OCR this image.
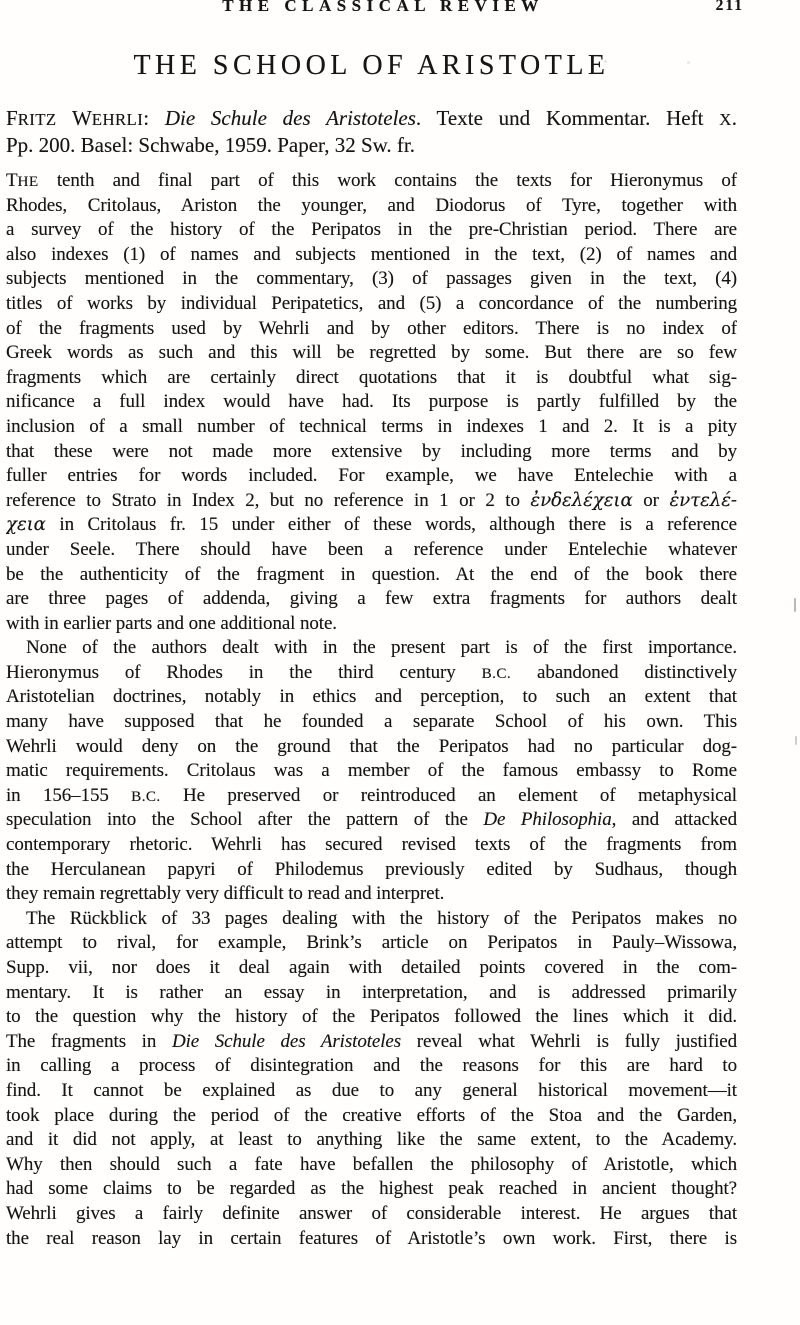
THE CLASSICAL REVIEW	211
THE SCHOOL OF ARISTOTLE
FRITZ WEHRLI: Die Schule des Aristoteles. Texte und Kommentar. Heft X.
Pp. 200. Basel: Schwabe, 1959. Paper, 32 Sw. fr.
THE tenth and final part of this work contains the texts for Hieronymus of
Rhodes, Critolaus, Ariston the younger, and Diodorus of Tyre, together with
a survey of the history of the Peripatos in the pre-Christian period. There are
also indexes (1) of names and subjects mentioned in the text, (2) of names and
subjects mentioned in the commentary, (3) of passages given in the text, (4)
titles of works by individual Peripatetics, and (5) a concordance of the numbering
of the fragments used by Wehrli and by other editors. There is no index of
Greek words as such and this will be regretted by some. But there are so few
fragments which are certainly direct quotations that it is doubtful what sig-
nificance a full index would have had. Its purpose is partly fulfilled by the
inclusion of a small number of technical terms in indexes 1 and 2. It is a pity
that these were not made more extensive by including more terms and by
fuller entries for words included. For example, we have Entelechie with a
reference to Strato in Index 2, but no reference in 1 or 2 to ἐνδελέχεια or ἐντελέ-
χεια in Critolaus fr. 15 under either of these words, although there is a reference
under Seele. There should have been a reference under Entelechie whatever
be the authenticity of the fragment in question. At the end of the book there
are three pages of addenda, giving a few extra fragments for authors dealt
with in earlier parts and one additional note.
None of the authors dealt with in the present part is of the first importance.
Hieronymus of Rhodes in the third century B.C. abandoned distinctively
Aristotelian doctrines, notably in ethics and perception, to such an extent that
many have supposed that he founded a separate School of his own. This
Wehrli would deny on the ground that the Peripatos had no particular dog-
matic requirements. Critolaus was a member of the famous embassy to Rome
in 156–155 B.C. He preserved or reintroduced an element of metaphysical
speculation into the School after the pattern of the De Philosophia, and attacked
contemporary rhetoric. Wehrli has secured revised texts of the fragments from
the Herculanean papyri of Philodemus previously edited by Sudhaus, though
they remain regrettably very difficult to read and interpret.
The Rückblick of 33 pages dealing with the history of the Peripatos makes no
attempt to rival, for example, Brink’s article on Peripatos in Pauly–Wissowa,
Supp. vii, nor does it deal again with detailed points covered in the com-
mentary. It is rather an essay in interpretation, and is addressed primarily
to the question why the history of the Peripatos followed the lines which it did.
The fragments in Die Schule des Aristoteles reveal what Wehrli is fully justified
in calling a process of disintegration and the reasons for this are hard to
find. It cannot be explained as due to any general historical movement—it
took place during the period of the creative efforts of the Stoa and the Garden,
and it did not apply, at least to anything like the same extent, to the Academy.
Why then should such a fate have befallen the philosophy of Aristotle, which
had some claims to be regarded as the highest peak reached in ancient thought?
Wehrli gives a fairly definite answer of considerable interest. He argues that
the real reason lay in certain features of Aristotle’s own work. First, there is
